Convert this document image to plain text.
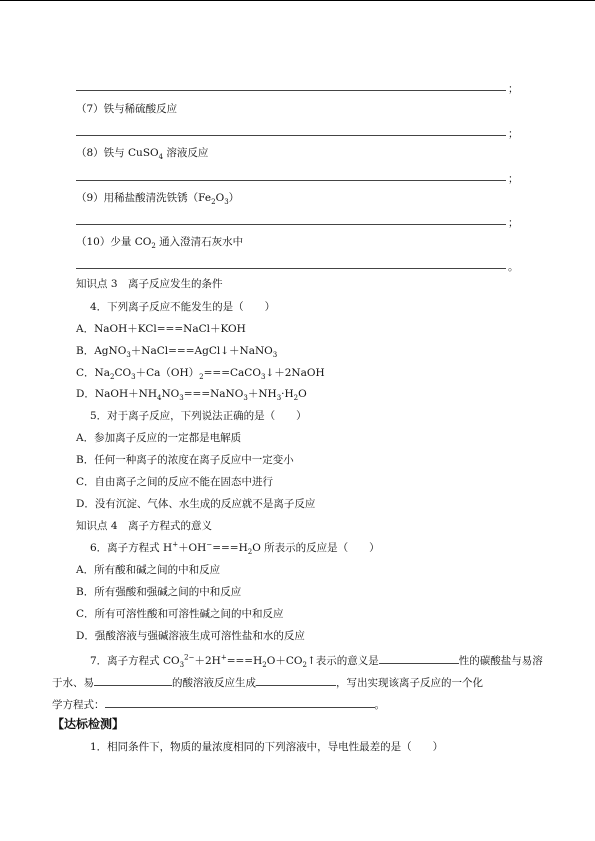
；
（7）铁与稀硫酸反应
；
（8）铁与 CuSO$_4$ 溶液反应
；
（9）用稀盐酸清洗铁锈$(Fe_2O_3)$
；
（10）少量 $CO_2$ 通入澄清石灰水中
。
知识点 3　离子反应发生的条件
4．下列离子反应不能发生的是（　　）
A．NaOH＋KCl===NaCl＋KOH
B．AgNO$_3$＋NaCl===AgCl↓＋NaNO$_3$
C．$Na_2CO_3+Ca(OH)_2===CaCO_3↓+2NaOH$
D．$NaOH+NH_4NO_3===NaNO_3+NH_3\cdot H_2O$
5．对于离子反应，下列说法正确的是（　　）
A．参加离子反应的一定都是电解质
B．任何一种离子的浓度在离子反应中一定变小
C．自由离子之间的反应不能在固态中进行
D．没有沉淀、气体、水生成的反应就不是离子反应
知识点 4　离子方程式的意义
6．离子方程式 $H^++OH^-===H_2O$ 所表示的反应是（　　）
A．所有酸和碱之间的中和反应
B．所有强酸和强碱之间的中和反应
C．所有可溶性酸和可溶性碱之间的中和反应
D．强酸溶液与强碱溶液生成可溶性盐和水的反应
7．离子方程式 $CO_3^{2-}+2H^+===H_2O+CO_2↑$表示的意义是	性的碳酸盐与易溶
于水、易	的酸溶液反应生成	，写出实现该离子反应的一个化
学方程式：	。
【达标检测】
1．相同条件下，物质的量浓度相同的下列溶液中，导电性最差的是（　　）
